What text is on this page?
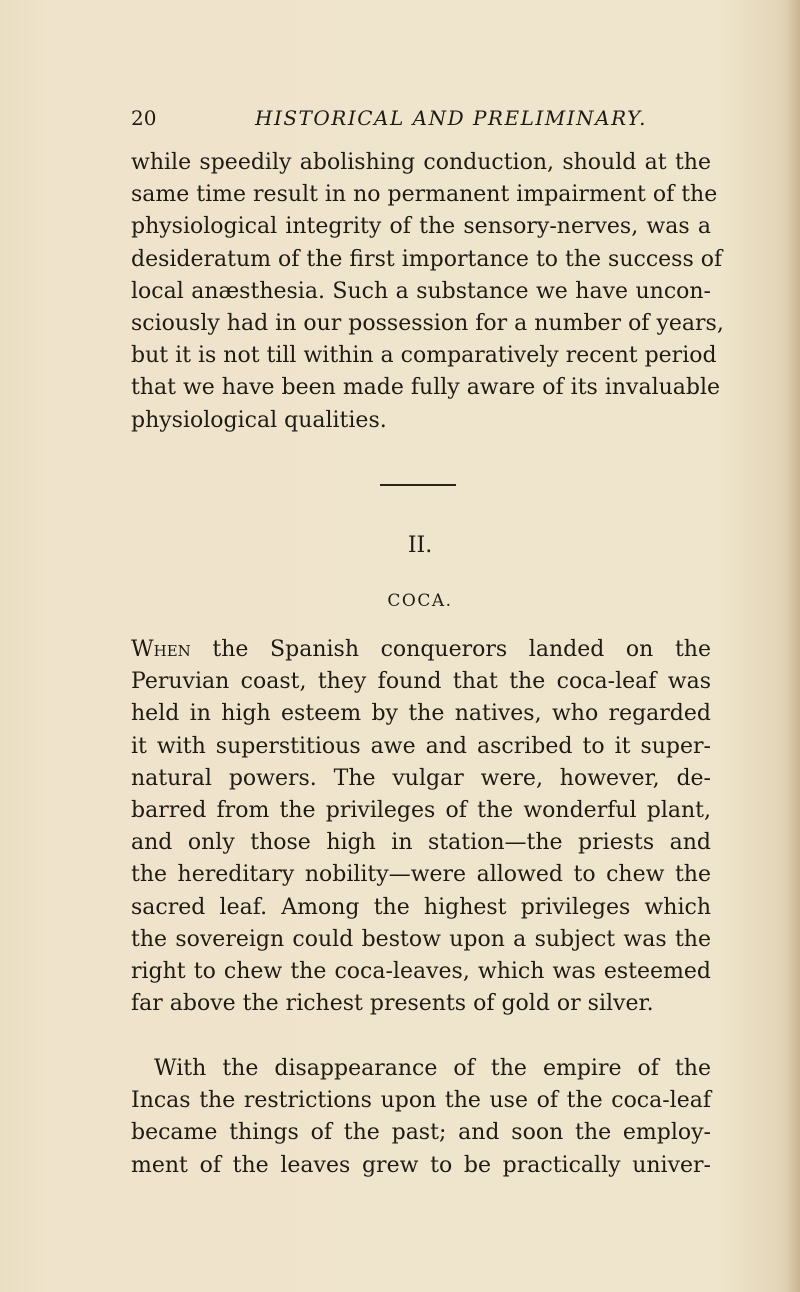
20	HISTORICAL AND PRELIMINARY.
while speedily abolishing conduction, should at the
same time result in no permanent impairment of the
physiological integrity of the sensory-nerves, was a
desideratum of the first importance to the success of
local anæsthesia. Such a substance we have uncon-
sciously had in our possession for a number of years,
but it is not till within a comparatively recent period
that we have been made fully aware of its invaluable
physiological qualities.
II.
COCA.
When the Spanish conquerors landed on the
Peruvian coast, they found that the coca-leaf was
held in high esteem by the natives, who regarded
it with superstitious awe and ascribed to it super-
natural powers. The vulgar were, however, de-
barred from the privileges of the wonderful plant,
and only those high in station—the priests and
the hereditary nobility—were allowed to chew the
sacred leaf. Among the highest privileges which
the sovereign could bestow upon a subject was the
right to chew the coca-leaves, which was esteemed
far above the richest presents of gold or silver.
With the disappearance of the empire of the
Incas the restrictions upon the use of the coca-leaf
became things of the past; and soon the employ-
ment of the leaves grew to be practically univer-
